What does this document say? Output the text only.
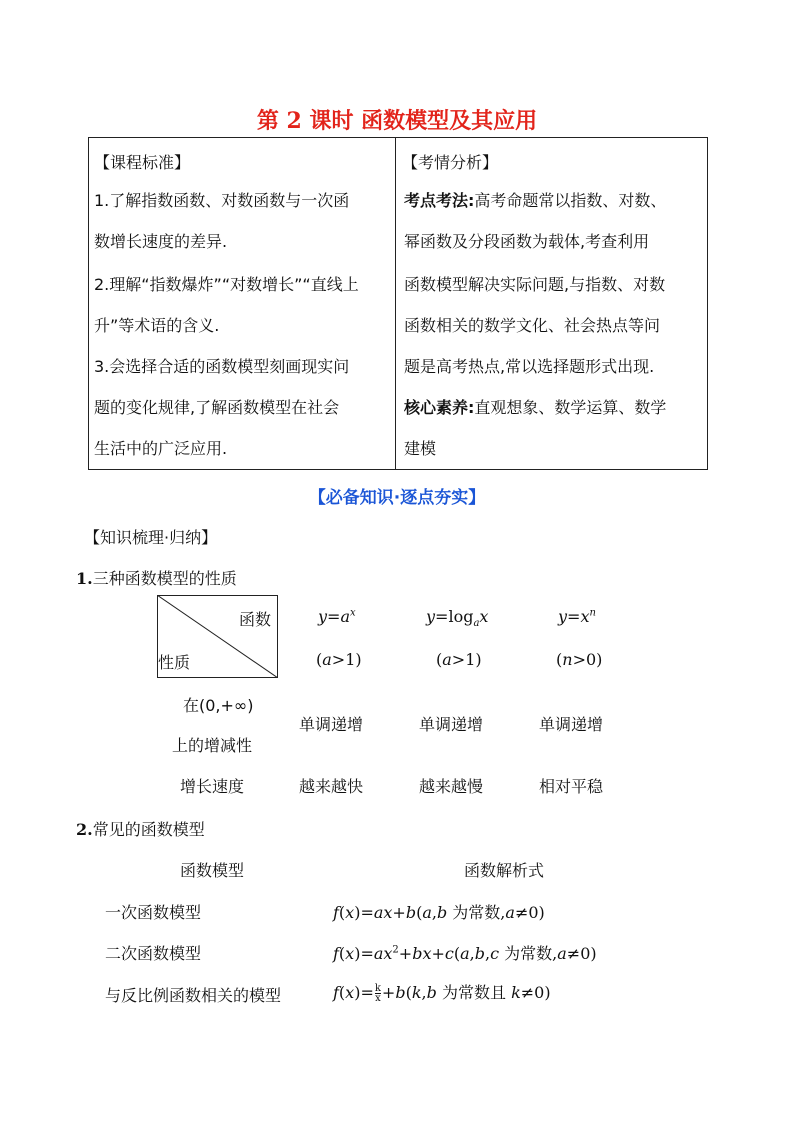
第 2 课时 函数模型及其应用
【课程标准】
1.了解指数函数、对数函数与一次函
数增长速度的差异.
2.理解“指数爆炸”“对数增长”“直线上
升”等术语的含义.
3.会选择合适的函数模型刻画现实问
题的变化规律,了解函数模型在社会
生活中的广泛应用.
【考情分析】
考点考法:高考命题常以指数、对数、
幂函数及分段函数为载体,考查利用
函数模型解决实际问题,与指数、对数
函数相关的数学文化、社会热点等问
题是高考热点,常以选择题形式出现.
核心素养:直观想象、数学运算、数学
建模
【必备知识·逐点夯实】
【知识梳理·归纳】
1.三种函数模型的性质
函数
性质
$y=a^x$	$y=\log_ax$	$y=x^n$
(a>1)	(a>1)	(n>0)
在(0,+∞)
上的增减性
单调递增	单调递增	单调递增
增长速度	越来越快	越来越慢	相对平稳
2.常见的函数模型
函数模型	函数解析式
一次函数模型	f(x)=ax+b(a,b 为常数,a≠0)
二次函数模型	$f(x)=ax^2+bx+c(a,b,c$ 为常数,a≠0)
与反比例函数相关的模型	$f(x)= \frac{k}{x} +b(k,b$ 为常数且 k≠0)
